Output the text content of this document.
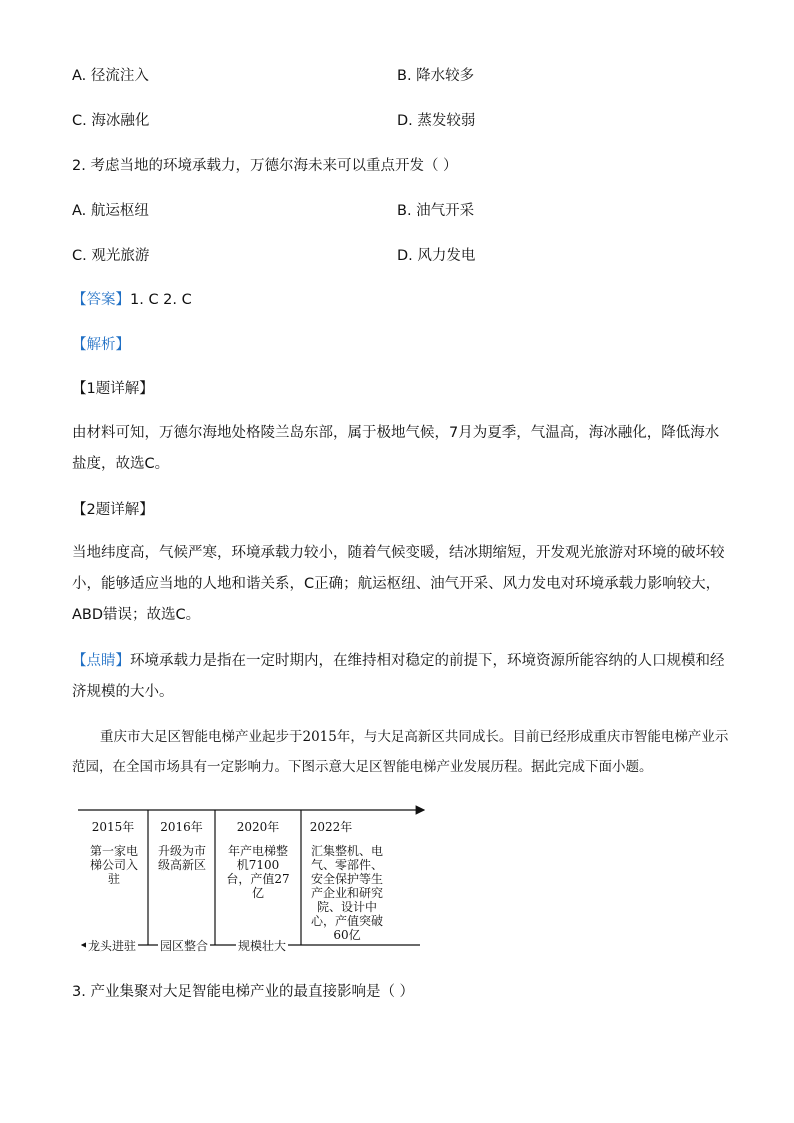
A. 径流注入	B. 降水较多
C. 海冰融化	D. 蒸发较弱
2. 考虑当地的环境承载力，万德尔海未来可以重点开发（ ）
A. 航运枢纽	B. 油气开采
C. 观光旅游	D. 风力发电
【答案】1. C 2. C
【解析】
【1题详解】
由材料可知，万德尔海地处格陵兰岛东部，属于极地气候，7月为夏季，气温高，海冰融化，降低海水盐度，故选C。
【2题详解】
当地纬度高，气候严寒，环境承载力较小，随着气候变暖，结冰期缩短，开发观光旅游对环境的破坏较小，能够适应当地的人地和谐关系，C正确；航运枢纽、油气开采、风力发电对环境承载力影响较大，ABD错误；故选C。
【点睛】环境承载力是指在一定时期内，在维持相对稳定的前提下，环境资源所能容纳的人口规模和经济规模的大小。
重庆市大足区智能电梯产业起步于2015年，与大足高新区共同成长。目前已经形成重庆市智能电梯产业示范园，在全国市场具有一定影响力。下图示意大足区智能电梯产业发展历程。据此完成下面小题。
2015年	2016年	2020年	2022年
第一家电梯公司入驻
升级为市级高新区
年产电梯整机7100台，产值27亿
汇集整机、电气、零部件、安全保护等生产企业和研究院、设计中心，产值突破60亿
龙头进驻 园区整合 规模壮大
3. 产业集聚对大足智能电梯产业的最直接影响是（ ）
